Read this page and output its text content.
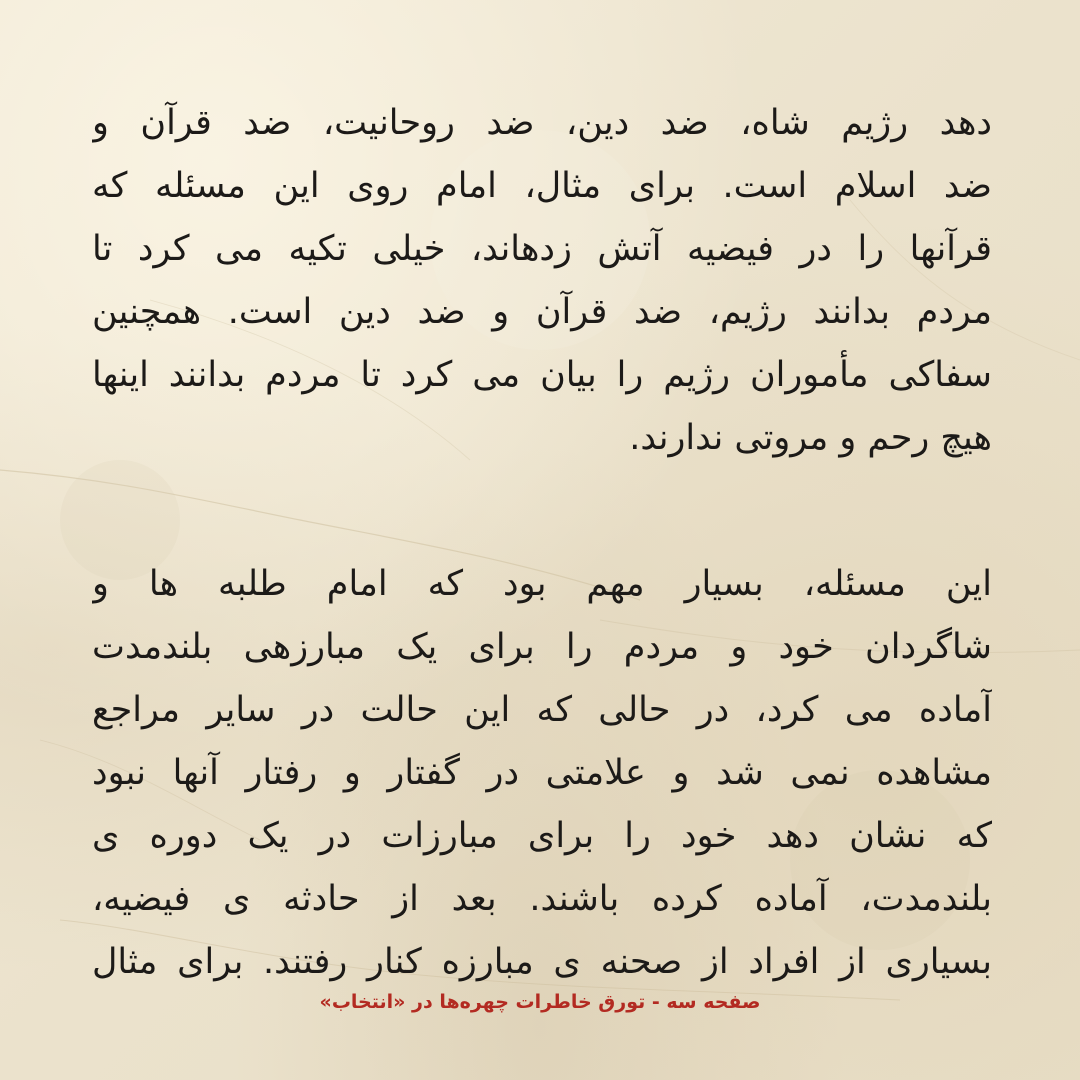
دهد رژیم شاه، ضد دین، ضد روحانیت، ضد قرآن و
ضد اسلام است. برای مثال، امام روی این مسئله که
قرآنها را در فیضیه آتش زدهاند، خیلی تکیه می کرد تا
مردم بدانند رژیم، ضد قرآن و ضد دین است. همچنین
سفاکی مأموران رژیم را بیان می کرد تا مردم بدانند اینها
هیچ رحم و مروتی ندارند.
این مسئله، بسیار مهم بود که امام طلبه ها و
شاگردان خود و مردم را برای یک مبارزهی بلندمدت
آماده می کرد، در حالی که این حالت در سایر مراجع
مشاهده نمی شد و علامتی در گفتار و رفتار آنها نبود
که نشان دهد خود را برای مبارزات در یک دوره ی
بلندمدت، آماده کرده باشند. بعد از حادثه ی فیضیه،
بسیاری از افراد از صحنه ی مبارزه کنار رفتند. برای مثال
صفحه سه - تورق خاطرات چهره‌ها در «انتخاب»
